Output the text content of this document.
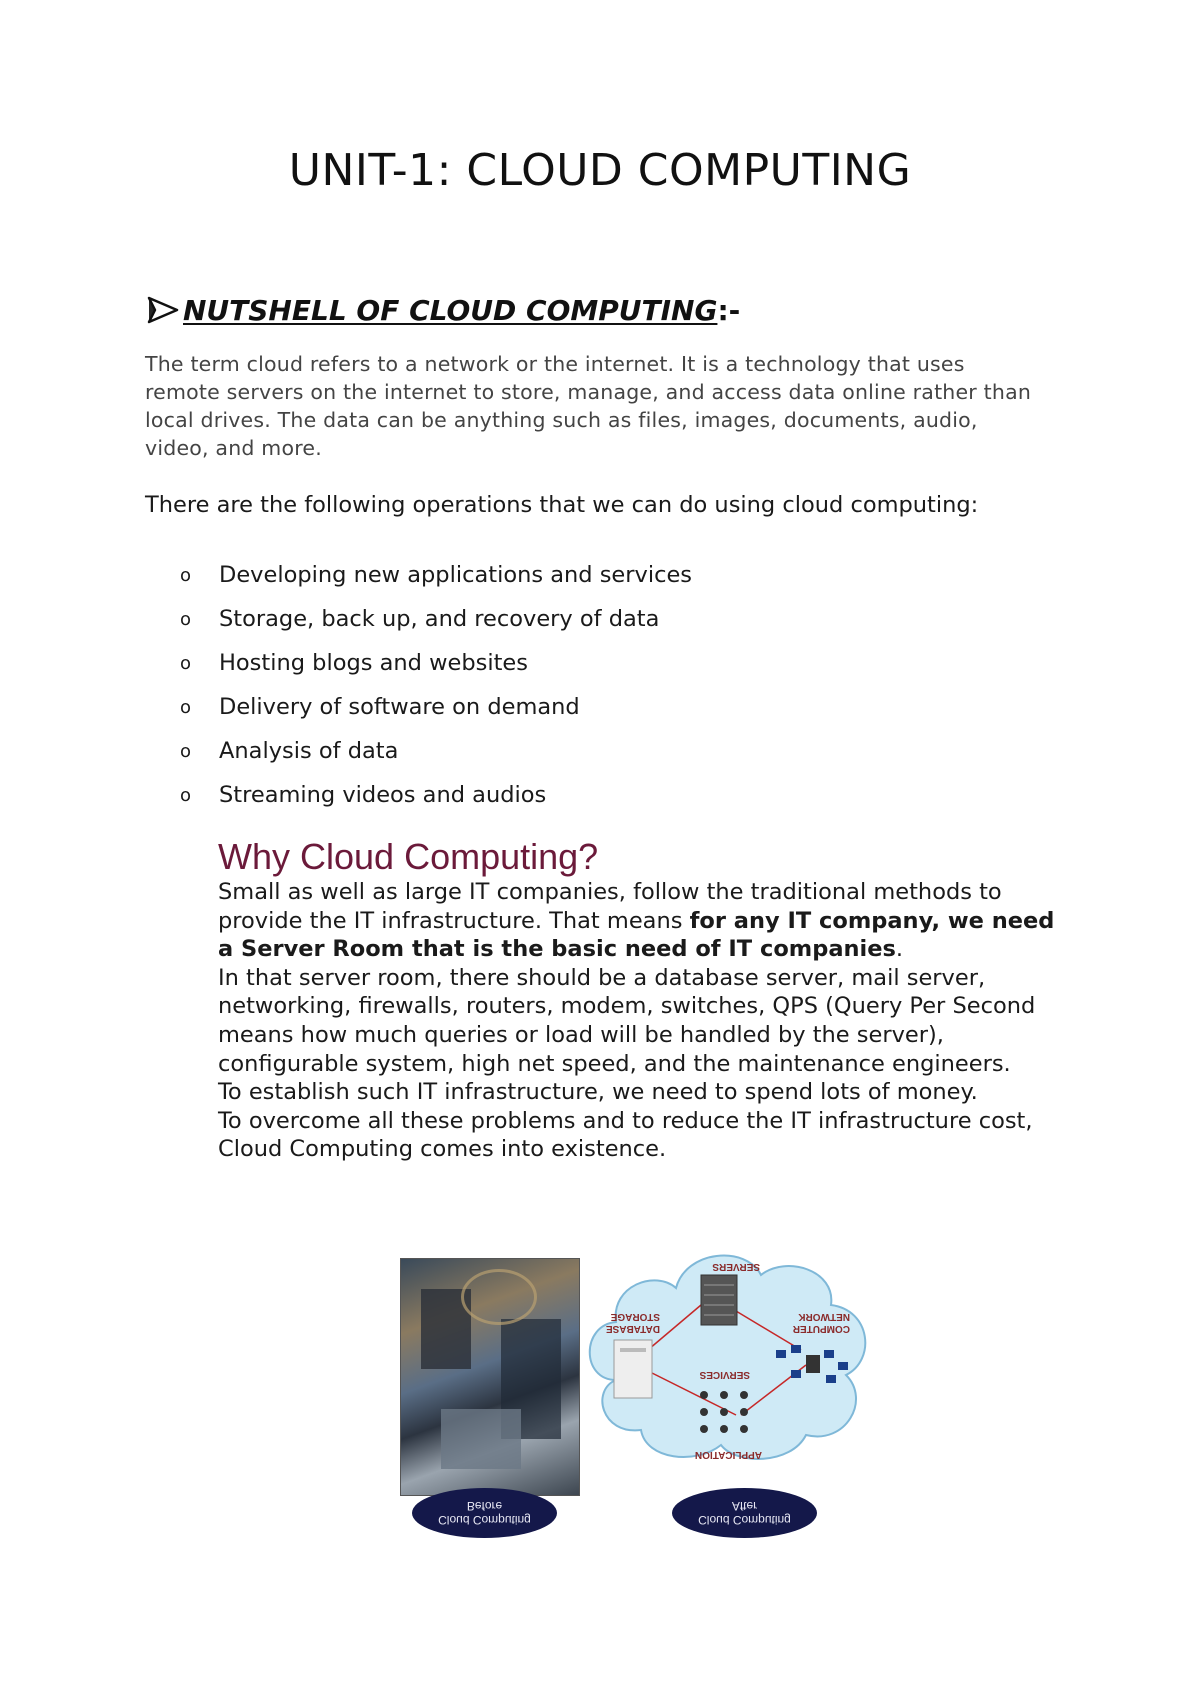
UNIT-1: CLOUD COMPUTING
NUTSHELL OF CLOUD COMPUTING :-
The term cloud refers to a network or the internet. It is a technology that uses remote servers on the internet to store, manage, and access data online rather than local drives. The data can be anything such as files, images, documents, audio, video, and more.
There are the following operations that we can do using cloud computing:
o	Developing new applications and services
o	Storage, back up, and recovery of data
o	Hosting blogs and websites
o	Delivery of software on demand
o	Analysis of data
o	Streaming videos and audios
Why Cloud Computing?

Small as well as large IT companies, follow the traditional methods to provide the IT infrastructure. That means for any IT company, we need a Server Room that is the basic need of IT companies.

In that server room, there should be a database server, mail server, networking, firewalls, routers, modem, switches, QPS (Query Per Second means how much queries or load will be handled by the server), configurable system, high net speed, and the maintenance engineers.

To establish such IT infrastructure, we need to spend lots of money.

To overcome all these problems and to reduce the IT infrastructure cost, Cloud Computing comes into existence.

SERVERS
STORAGE
DATABASE
NETWORK
COMPUTER
SERVICES
APPLICATION
Cloud Computing
Before
Cloud Computing
After
